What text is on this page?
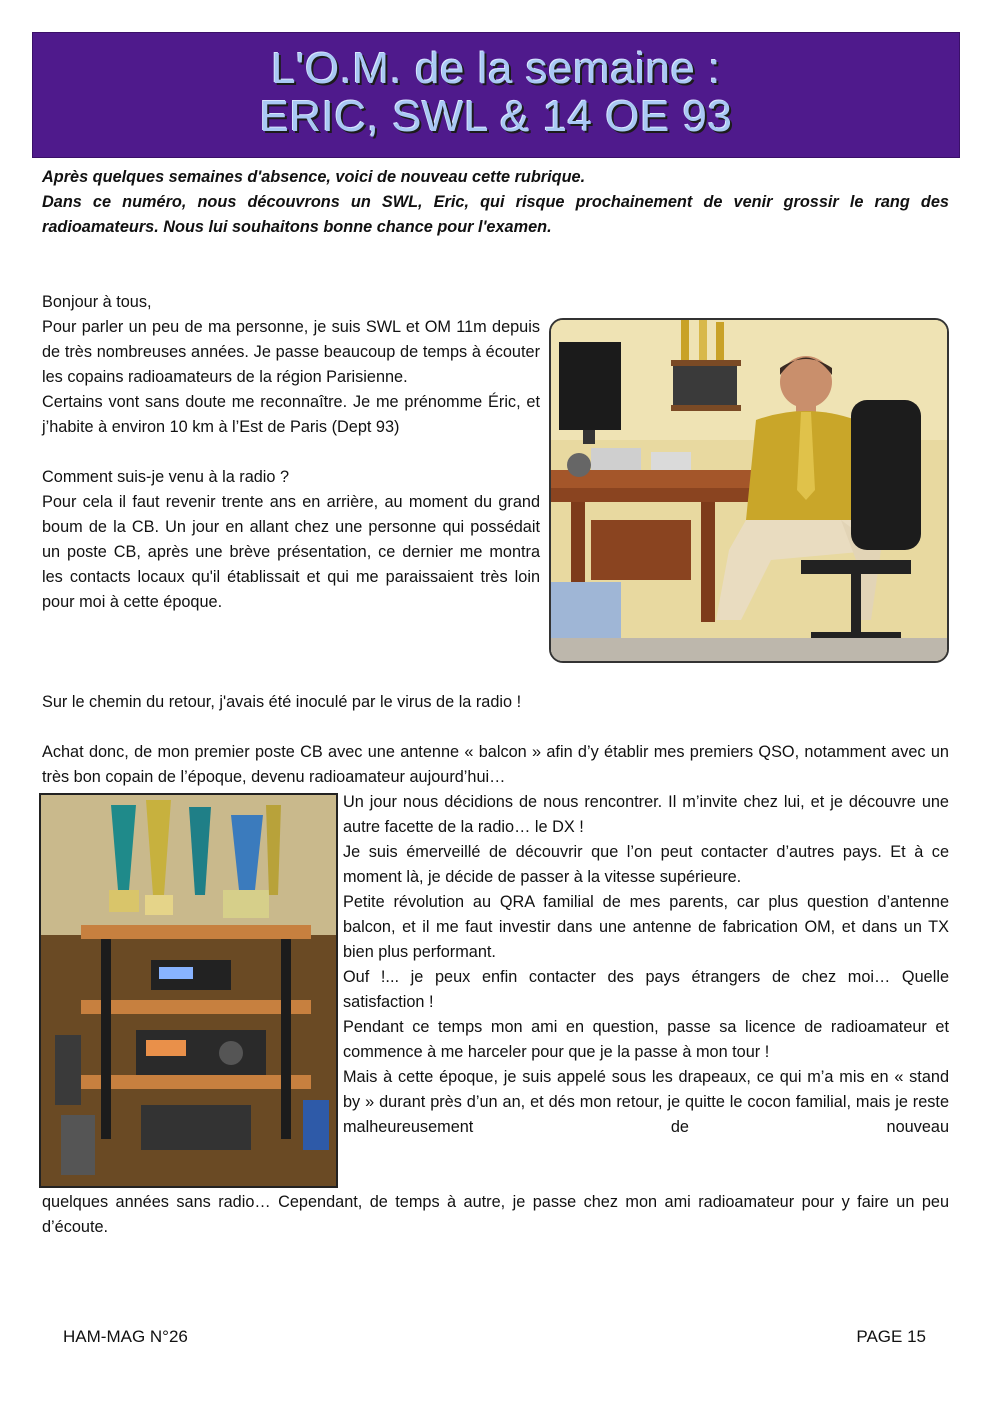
L'O.M. de la semaine :
ERIC, SWL & 14 OE 93

Après quelques semaines d'absence, voici de nouveau cette rubrique.

Dans ce numéro, nous découvrons un SWL, Eric, qui risque prochainement de venir grossir le rang des radioamateurs. Nous lui souhaitons bonne chance pour l'examen.

Bonjour à tous,

Pour parler un peu de ma personne, je suis SWL et OM 11m depuis de très nombreuses années. Je passe beaucoup de temps à écouter les copains radioamateurs de la région Parisienne.

Certains vont sans doute me reconnaître. Je me prénomme Éric, et j’habite à environ 10 km à l’Est de Paris (Dept 93)

Comment suis-je venu à la radio ?

Pour cela il faut revenir trente ans en arrière, au moment du grand boum de la CB. Un jour en allant chez une personne qui possédait un poste CB, après une brève présentation, ce dernier me montra les contacts locaux qu'il établissait et qui me paraissaient très loin pour moi à cette époque.

Sur le chemin du retour, j'avais été inoculé par le virus de la radio !

Achat donc, de mon premier poste CB avec une antenne « balcon » afin d’y établir mes premiers QSO, notamment avec un très bon copain de l’époque, devenu radioamateur aujourd’hui…

Un jour nous décidions de nous rencontrer. Il m’invite chez lui, et je découvre une autre facette de la radio… le DX !

Je suis émerveillé de découvrir que l’on peut contacter d’autres pays. Et à ce moment là, je décide de passer à la vitesse supérieure.

Petite révolution au QRA familial de mes parents, car plus question d’antenne balcon, et il me faut investir dans une antenne de fabrication OM, et dans un TX bien plus performant.

Ouf !... je peux enfin contacter des pays étrangers de chez moi… Quelle satisfaction !

Pendant ce temps mon ami en question, passe sa licence de radioamateur et commence à me harceler pour que je la passe à mon tour !

Mais à cette époque, je suis appelé sous les drapeaux, ce qui m’a mis en « stand by » durant près d’un an, et dés mon retour, je quitte le cocon familial, mais je reste malheureusement de nouveau

quelques années sans radio… Cependant, de temps à autre, je passe chez mon ami radioamateur pour y faire un peu d’écoute.

HAM-MAG N°26	PAGE 15
